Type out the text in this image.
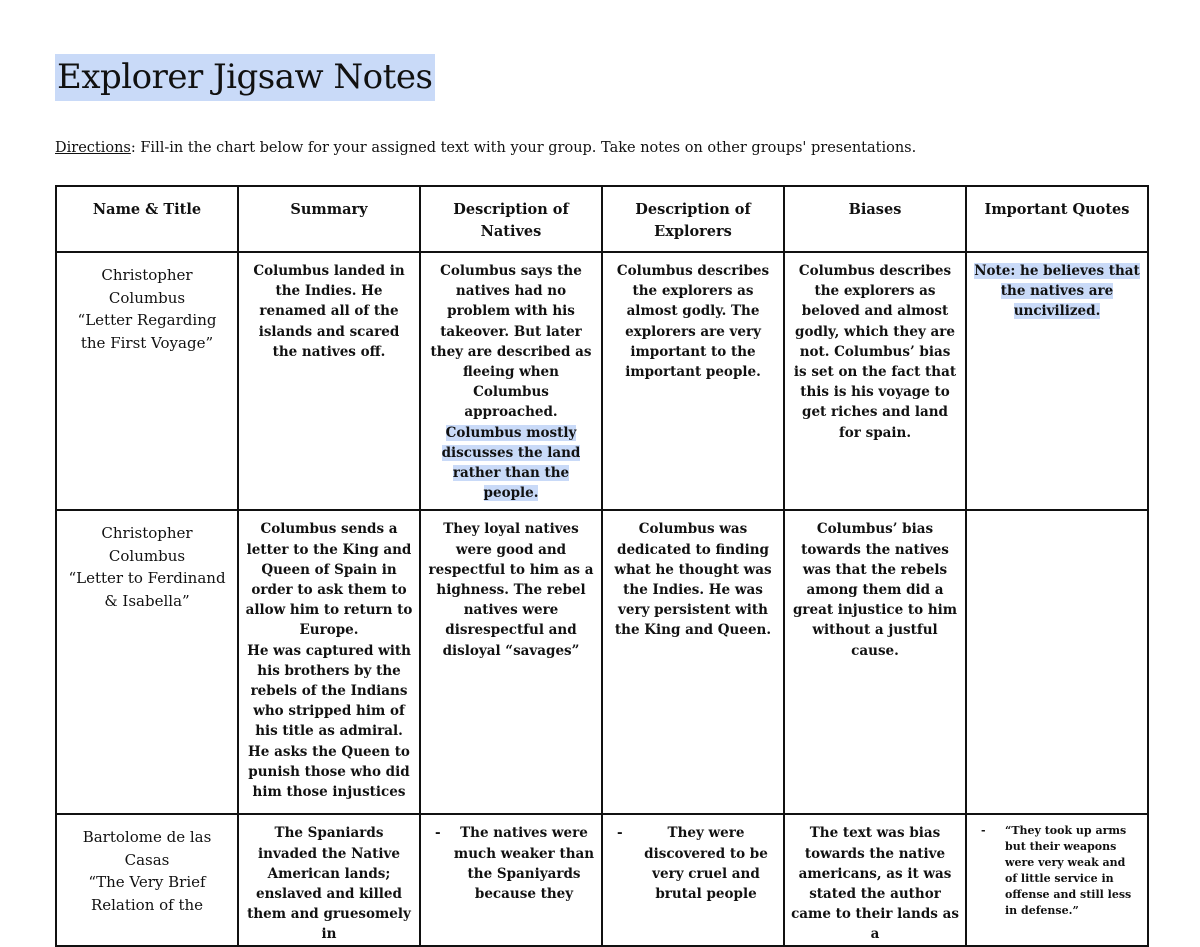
Explorer Jigsaw Notes
Directions: Fill-in the chart below for your assigned text with your group. Take notes on other groups' presentations.
Name & Title	Summary	Description of Natives	Description of Explorers	Biases	Important Quotes
Christopher Columbus
“Letter Regarding the First Voyage”	Columbus landed in the Indies. He renamed all of the islands and scared the natives off.	Columbus says the natives had no problem with his takeover. But later they are described as fleeing when Columbus approached. Columbus mostly discusses the land rather than the people.	Columbus describes the explorers as almost godly. The explorers are very important to the important people.	Columbus describes the explorers as beloved and almost godly, which they are not. Columbus’ bias is set on the fact that this is his voyage to get riches and land for spain.	Note: he believes that the natives are uncivilized.
Christopher Columbus
“Letter to Ferdinand & Isabella”	Columbus sends a letter to the King and Queen of Spain in order to ask them to allow him to return to Europe.
He was captured with his brothers by the rebels of the Indians who stripped him of his title as admiral.
He asks the Queen to punish those who did him those injustices	They loyal natives were good and respectful to him as a highness. The rebel natives were disrespectful and disloyal “savages”	Columbus was dedicated to finding what he thought was the Indies. He was very persistent with the King and Queen.	Columbus’ bias towards the natives was that the rebels among them did a great injustice to him without a justful cause.	
Bartolome de las Casas
“The Very Brief Relation of the	The Spaniards invaded the Native American lands; enslaved and killed them and gruesomely in	- The natives were much weaker than the Spaniyards because they	- They were discovered to be very cruel and brutal people	The text was bias towards the native americans, as it was stated the author came to their lands as a	- “They took up arms but their weapons were very weak and of little service in offense and still less in defense.”
